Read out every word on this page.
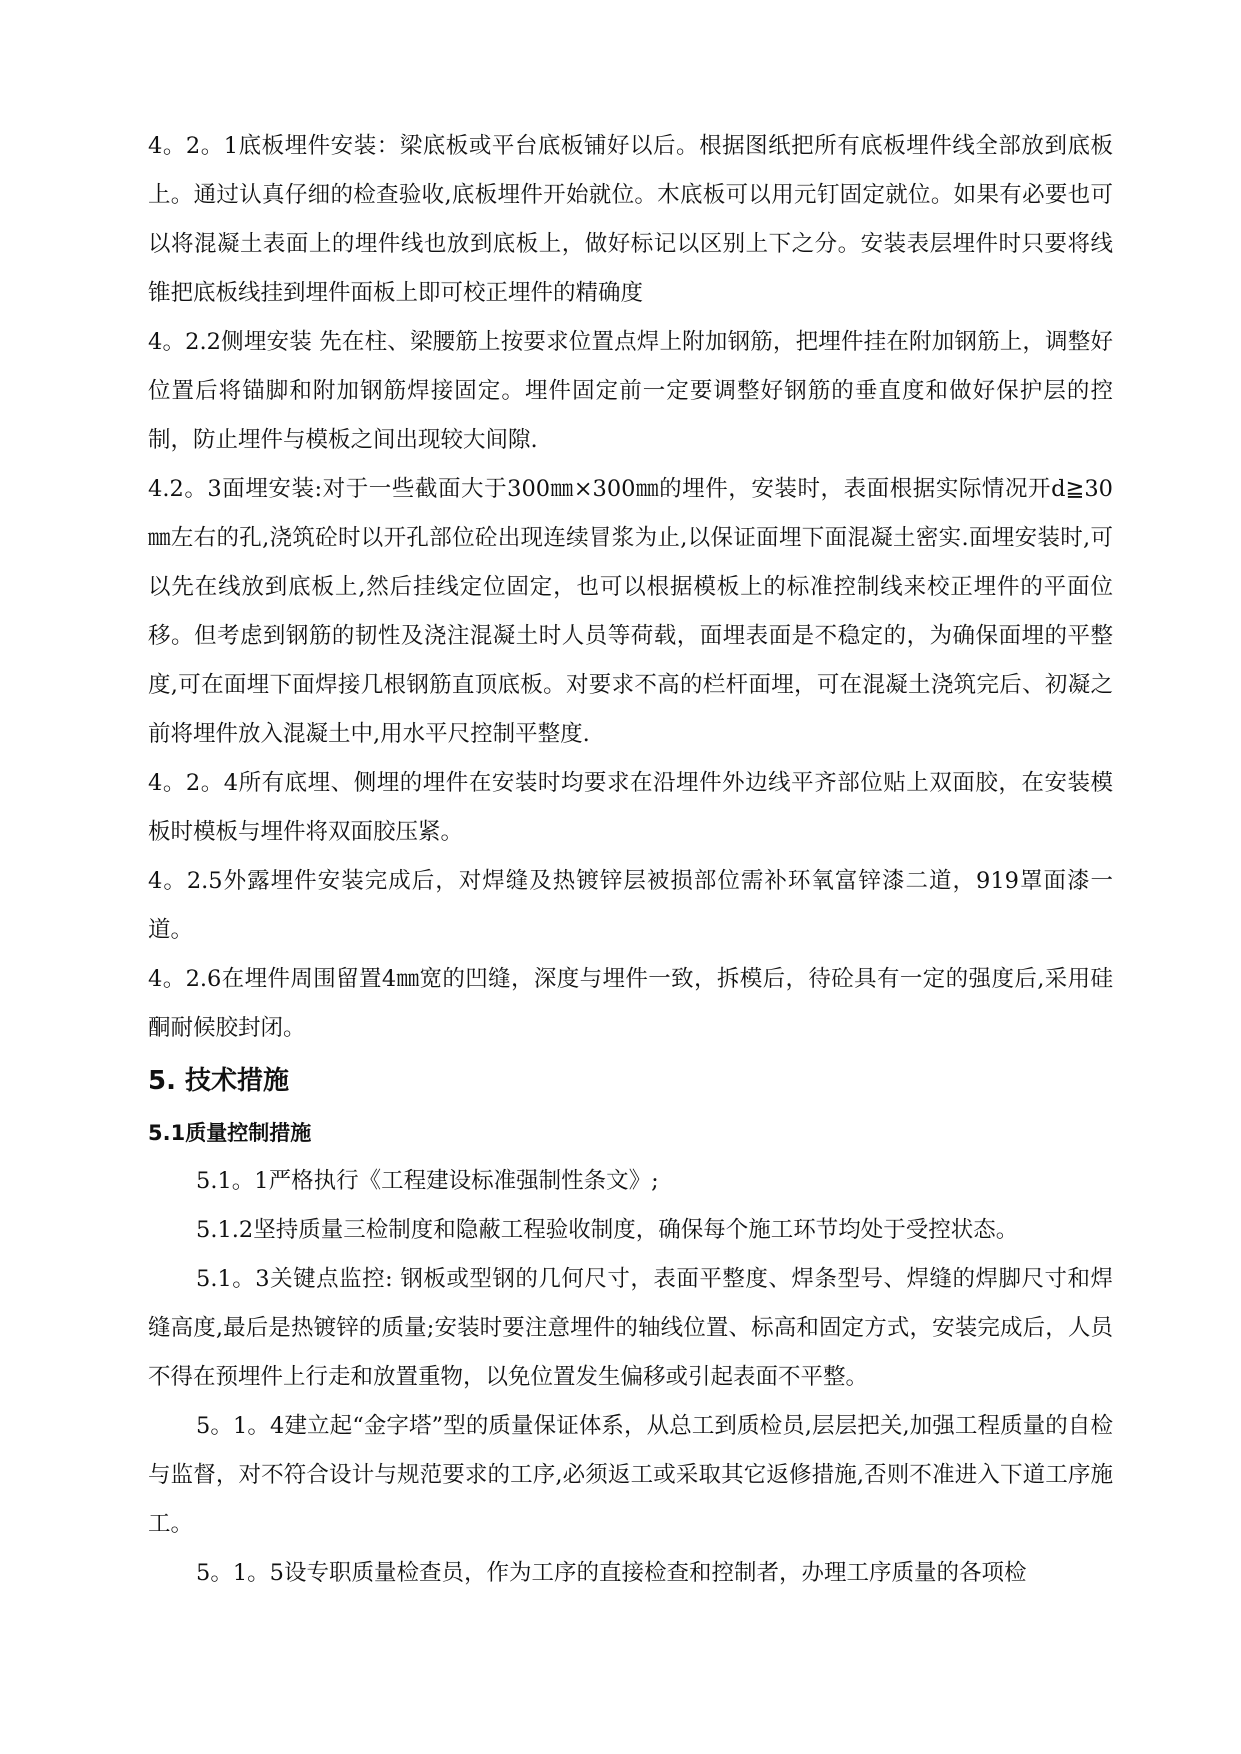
4。2。1底板埋件安装：梁底板或平台底板铺好以后。根据图纸把所有底板埋件线全部放到底板上。通过认真仔细的检查验收,底板埋件开始就位。木底板可以用元钉固定就位。如果有必要也可以将混凝土表面上的埋件线也放到底板上，做好标记以区别上下之分。安装表层埋件时只要将线锥把底板线挂到埋件面板上即可校正埋件的精确度

4。2.2侧埋安装 先在柱、梁腰筋上按要求位置点焊上附加钢筋，把埋件挂在附加钢筋上，调整好位置后将锚脚和附加钢筋焊接固定。埋件固定前一定要调整好钢筋的垂直度和做好保护层的控制，防止埋件与模板之间出现较大间隙.

4.2。3面埋安装:对于一些截面大于300㎜×300㎜的埋件，安装时，表面根据实际情况开d≧30㎜左右的孔,浇筑砼时以开孔部位砼出现连续冒浆为止,以保证面埋下面混凝土密实.面埋安装时,可以先在线放到底板上,然后挂线定位固定，也可以根据模板上的标准控制线来校正埋件的平面位移。但考虑到钢筋的韧性及浇注混凝土时人员等荷载，面埋表面是不稳定的，为确保面埋的平整度,可在面埋下面焊接几根钢筋直顶底板。对要求不高的栏杆面埋，可在混凝土浇筑完后、初凝之前将埋件放入混凝土中,用水平尺控制平整度.

4。2。4所有底埋、侧埋的埋件在安装时均要求在沿埋件外边线平齐部位贴上双面胶，在安装模板时模板与埋件将双面胶压紧。

4。2.5外露埋件安装完成后，对焊缝及热镀锌层被损部位需补环氧富锌漆二道，919罩面漆一道。

4。2.6在埋件周围留置4㎜宽的凹缝，深度与埋件一致，拆模后，待砼具有一定的强度后,采用硅酮耐候胶封闭。

5. 技术措施
5.1质量控制措施

5.1。1严格执行《工程建设标准强制性条文》;

5.1.2坚持质量三检制度和隐蔽工程验收制度，确保每个施工环节均处于受控状态。

5.1。3关键点监控: 钢板或型钢的几何尺寸，表面平整度、焊条型号、焊缝的焊脚尺寸和焊缝高度,最后是热镀锌的质量;安装时要注意埋件的轴线位置、标高和固定方式，安装完成后，人员不得在预埋件上行走和放置重物，以免位置发生偏移或引起表面不平整。

5。1。4建立起“金字塔”型的质量保证体系，从总工到质检员,层层把关,加强工程质量的自检与监督，对不符合设计与规范要求的工序,必须返工或采取其它返修措施,否则不准进入下道工序施工。

5。1。5设专职质量检查员，作为工序的直接检查和控制者，办理工序质量的各项检
